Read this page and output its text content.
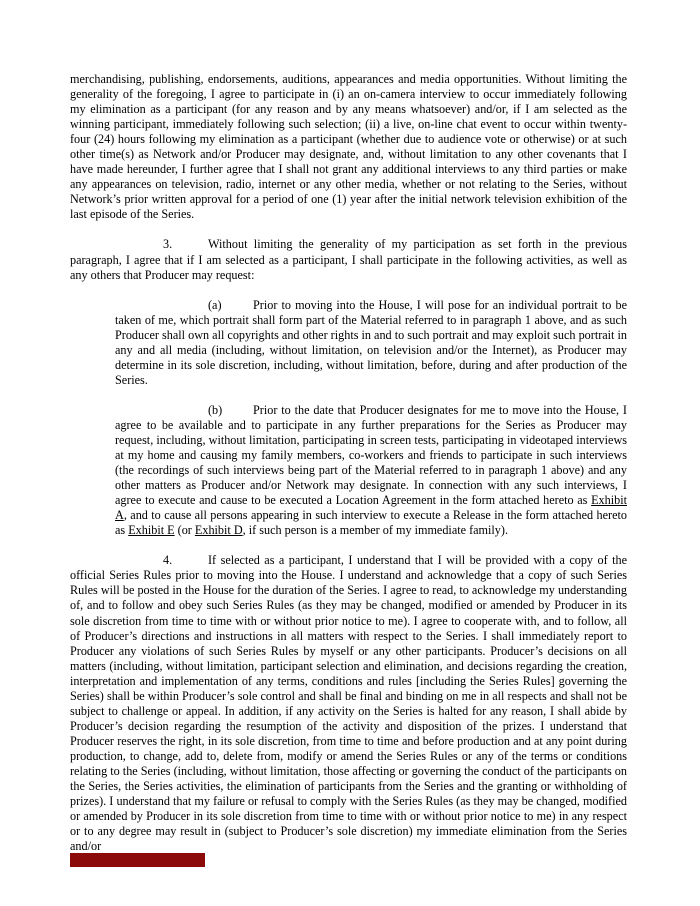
merchandising, publishing, endorsements, auditions, appearances and media opportunities. Without limiting the generality of the foregoing, I agree to participate in (i) an on-camera interview to occur immediately following my elimination as a participant (for any reason and by any means whatsoever) and/or, if I am selected as the winning participant, immediately following such selection; (ii) a live, on-line chat event to occur within twenty-four (24) hours following my elimination as a participant (whether due to audience vote or otherwise) or at such other time(s) as Network and/or Producer may designate, and, without limitation to any other covenants that I have made hereunder, I further agree that I shall not grant any additional interviews to any third parties or make any appearances on television, radio, internet or any other media, whether or not relating to the Series, without Network’s prior written approval for a period of one (1) year after the initial network television exhibition of the last episode of the Series.

3.	Without limiting the generality of my participation as set forth in the previous paragraph, I agree that if I am selected as a participant, I shall participate in the following activities, as well as any others that Producer may request:

(a)	Prior to moving into the House, I will pose for an individual portrait to be taken of me, which portrait shall form part of the Material referred to in paragraph 1 above, and as such Producer shall own all copyrights and other rights in and to such portrait and may exploit such portrait in any and all media (including, without limitation, on television and/or the Internet), as Producer may determine in its sole discretion, including, without limitation, before, during and after production of the Series.

(b)	Prior to the date that Producer designates for me to move into the House, I agree to be available and to participate in any further preparations for the Series as Producer may request, including, without limitation, participating in screen tests, participating in videotaped interviews at my home and causing my family members, co-workers and friends to participate in such interviews (the recordings of such interviews being part of the Material referred to in paragraph 1 above) and any other matters as Producer and/or Network may designate. In connection with any such interviews, I agree to execute and cause to be executed a Location Agreement in the form attached hereto as Exhibit A, and to cause all persons appearing in such interview to execute a Release in the form attached hereto as Exhibit E (or Exhibit D, if such person is a member of my immediate family).

4.	If selected as a participant, I understand that I will be provided with a copy of the official Series Rules prior to moving into the House. I understand and acknowledge that a copy of such Series Rules will be posted in the House for the duration of the Series. I agree to read, to acknowledge my understanding of, and to follow and obey such Series Rules (as they may be changed, modified or amended by Producer in its sole discretion from time to time with or without prior notice to me). I agree to cooperate with, and to follow, all of Producer’s directions and instructions in all matters with respect to the Series. I shall immediately report to Producer any violations of such Series Rules by myself or any other participants. Producer’s decisions on all matters (including, without limitation, participant selection and elimination, and decisions regarding the creation, interpretation and implementation of any terms, conditions and rules [including the Series Rules] governing the Series) shall be within Producer’s sole control and shall be final and binding on me in all respects and shall not be subject to challenge or appeal. In addition, if any activity on the Series is halted for any reason, I shall abide by Producer’s decision regarding the resumption of the activity and disposition of the prizes. I understand that Producer reserves the right, in its sole discretion, from time to time and before production and at any point during production, to change, add to, delete from, modify or amend the Series Rules or any of the terms or conditions relating to the Series (including, without limitation, those affecting or governing the conduct of the participants on the Series, the Series activities, the elimination of participants from the Series and the granting or withholding of prizes). I understand that my failure or refusal to comply with the Series Rules (as they may be changed, modified or amended by Producer in its sole discretion from time to time with or without prior notice to me) in any respect or to any degree may result in (subject to Producer’s sole discretion) my immediate elimination from the Series and/or
